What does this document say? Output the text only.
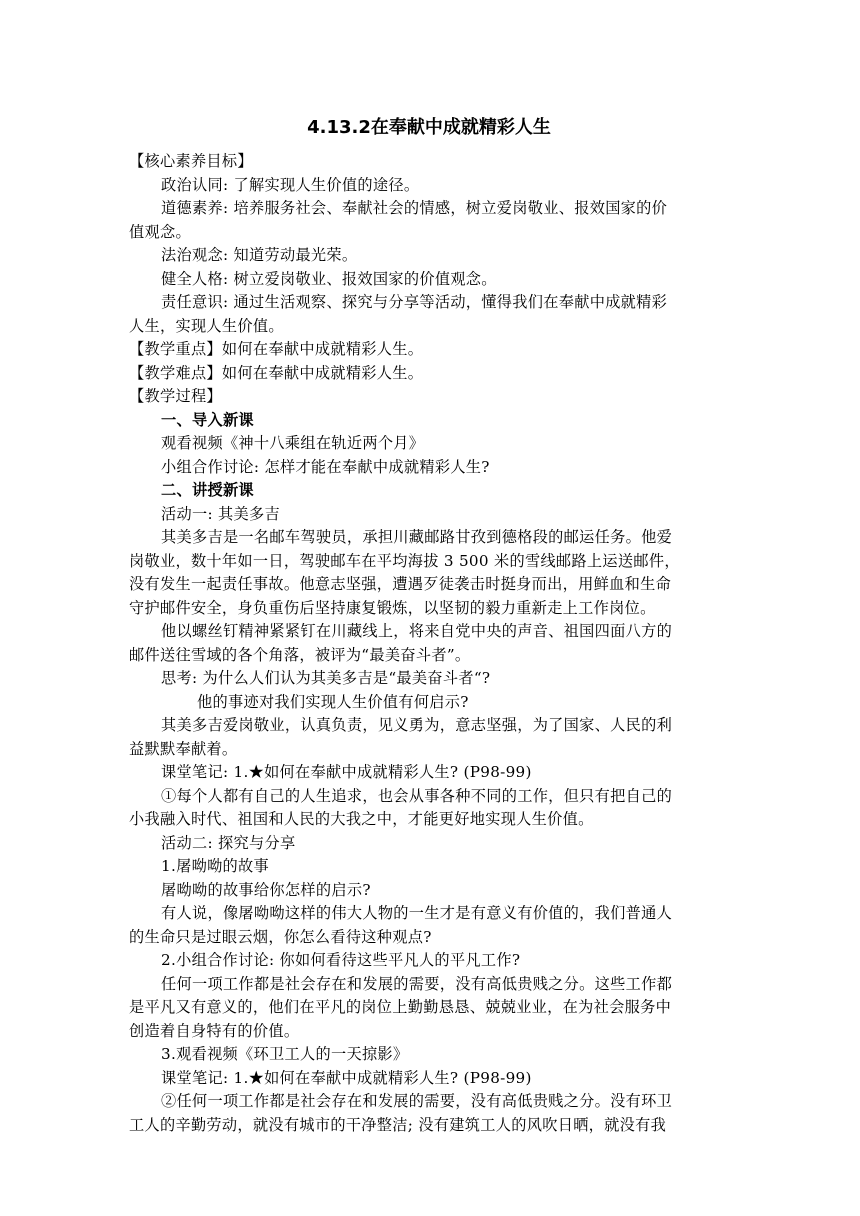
4.13.2在奉献中成就精彩人生
【核心素养目标】
政治认同: 了解实现人生价值的途径。
道德素养: 培养服务社会、奉献社会的情感，树立爱岗敬业、报效国家的价
值观念。
法治观念: 知道劳动最光荣。
健全人格: 树立爱岗敬业、报效国家的价值观念。
责任意识: 通过生活观察、探究与分享等活动，懂得我们在奉献中成就精彩
人生，实现人生价值。
【教学重点】如何在奉献中成就精彩人生。
【教学难点】如何在奉献中成就精彩人生。
【教学过程】
一、导入新课
观看视频《神十八乘组在轨近两个月》
小组合作讨论: 怎样才能在奉献中成就精彩人生?
二、讲授新课
活动一: 其美多吉
其美多吉是一名邮车驾驶员，承担川藏邮路甘孜到德格段的邮运任务。他爱
岗敬业，数十年如一日，驾驶邮车在平均海拔 3 500 米的雪线邮路上运送邮件，
没有发生一起责任事故。他意志坚强，遭遇歹徒袭击时挺身而出，用鲜血和生命
守护邮件安全，身负重伤后坚持康复锻炼，以坚韧的毅力重新走上工作岗位。
他以螺丝钉精神紧紧钉在川藏线上，将来自党中央的声音、祖国四面八方的
邮件送往雪域的各个角落，被评为“最美奋斗者”。
思考: 为什么人们认为其美多吉是“最美奋斗者“?
他的事迹对我们实现人生价值有何启示?
其美多吉爱岗敬业，认真负责，见义勇为，意志坚强，为了国家、人民的利
益默默奉献着。
课堂笔记: 1.★如何在奉献中成就精彩人生? (P98-99)
①每个人都有自己的人生追求，也会从事各种不同的工作，但只有把自己的
小我融入时代、祖国和人民的大我之中，才能更好地实现人生价值。
活动二: 探究与分享
1.屠呦呦的故事
屠呦呦的故事给你怎样的启示?
有人说，像屠呦呦这样的伟大人物的一生才是有意义有价值的，我们普通人
的生命只是过眼云烟，你怎么看待这种观点?
2.小组合作讨论: 你如何看待这些平凡人的平凡工作?
任何一项工作都是社会存在和发展的需要，没有高低贵贱之分。这些工作都
是平凡又有意义的，他们在平凡的岗位上勤勤恳恳、兢兢业业，在为社会服务中
创造着自身特有的价值。
3.观看视频《环卫工人的一天掠影》
课堂笔记: 1.★如何在奉献中成就精彩人生? (P98-99)
②任何一项工作都是社会存在和发展的需要，没有高低贵贱之分。没有环卫
工人的辛勤劳动，就没有城市的干净整洁; 没有建筑工人的风吹日晒，就没有我
